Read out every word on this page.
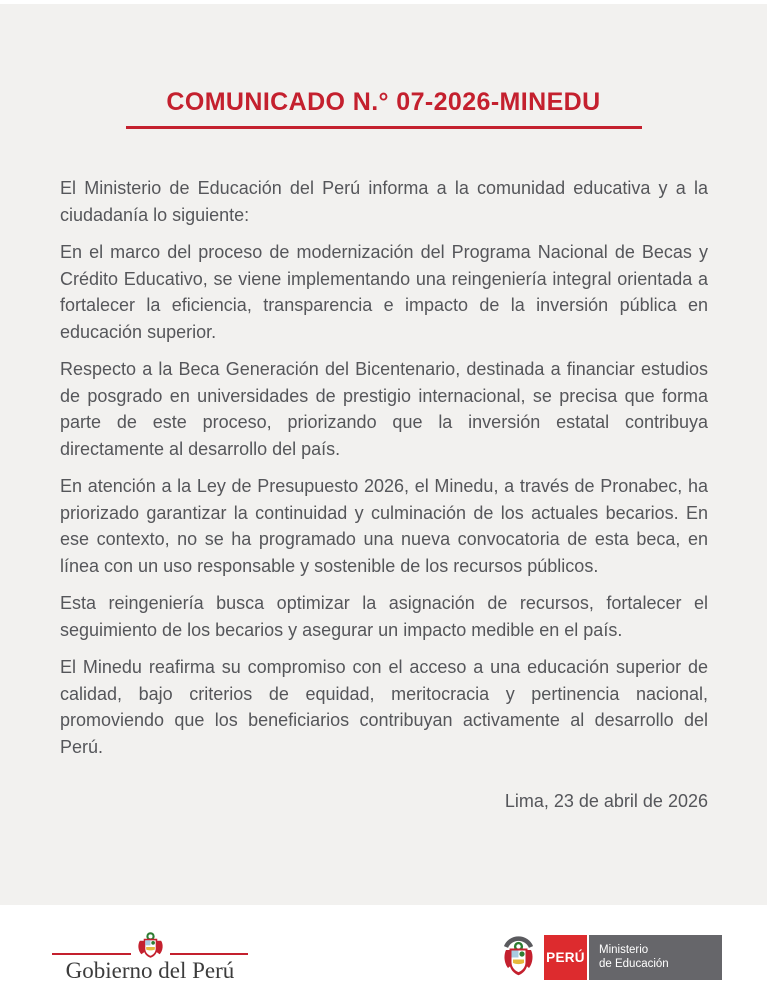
COMUNICADO N.° 07-2026-MINEDU

El Ministerio de Educación del Perú informa a la comunidad educativa y a la ciudadanía lo siguiente:

En el marco del proceso de modernización del Programa Nacional de Becas y Crédito Educativo, se viene implementando una reingeniería integral orientada a fortalecer la eficiencia, transparencia e impacto de la inversión pública en educación superior.

Respecto a la Beca Generación del Bicentenario, destinada a financiar estudios de posgrado en universidades de prestigio internacional, se precisa que forma parte de este proceso, priorizando que la inversión estatal contribuya directamente al desarrollo del país.

En atención a la Ley de Presupuesto 2026, el Minedu, a través de Pronabec, ha priorizado garantizar la continuidad y culminación de los actuales becarios. En ese contexto, no se ha programado una nueva convocatoria de esta beca, en línea con un uso responsable y sostenible de los recursos públicos.

Esta reingeniería busca optimizar la asignación de recursos, fortalecer el seguimiento de los becarios y asegurar un impacto medible en el país.

El Minedu reafirma su compromiso con el acceso a una educación superior de calidad, bajo criterios de equidad, meritocracia y pertinencia nacional, promoviendo que los beneficiarios contribuyan activamente al desarrollo del Perú.

Lima, 23 de abril de 2026

Gobierno del Perú
PERÚ Ministerio
de Educación
